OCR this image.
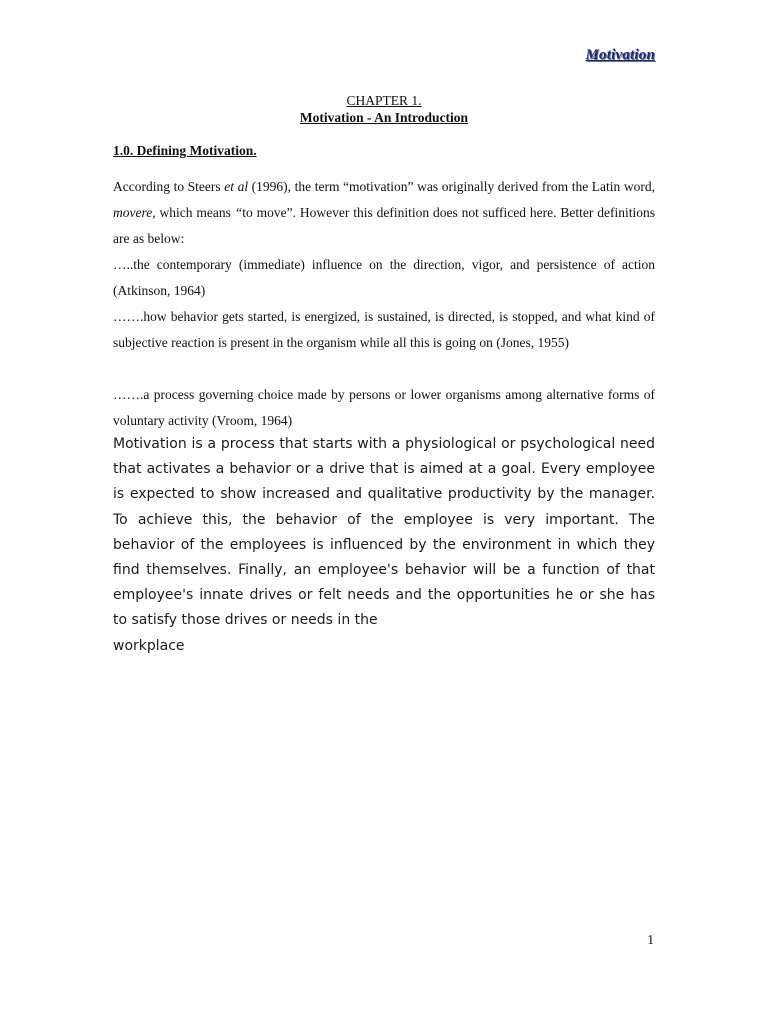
Motivation
CHAPTER 1.
Motivation - An Introduction
1.0. Defining Motivation.

According to Steers et al (1996), the term “motivation” was originally derived from the Latin word, movere, which means “to move”. However this definition does not sufficed here. Better definitions are as below:

…..the contemporary (immediate) influence on the direction, vigor, and persistence of action (Atkinson, 1964)

…….how behavior gets started, is energized, is sustained, is directed, is stopped, and what kind of subjective reaction is present in the organism while all this is going on (Jones, 1955)

…….a process governing choice made by persons or lower organisms among alternative forms of voluntary activity (Vroom, 1964)

Motivation is a process that starts with a physiological or psychological need that activates a behavior or a drive that is aimed at a goal. Every employee is expected to show increased and qualitative productivity by the manager. To achieve this, the behavior of the employee is very important. The behavior of the employees is influenced by the environment in which they find themselves. Finally, an employee's behavior will be a function of that employee's innate drives or felt needs and the opportunities he or she has to satisfy those drives or needs in the
workplace
1
